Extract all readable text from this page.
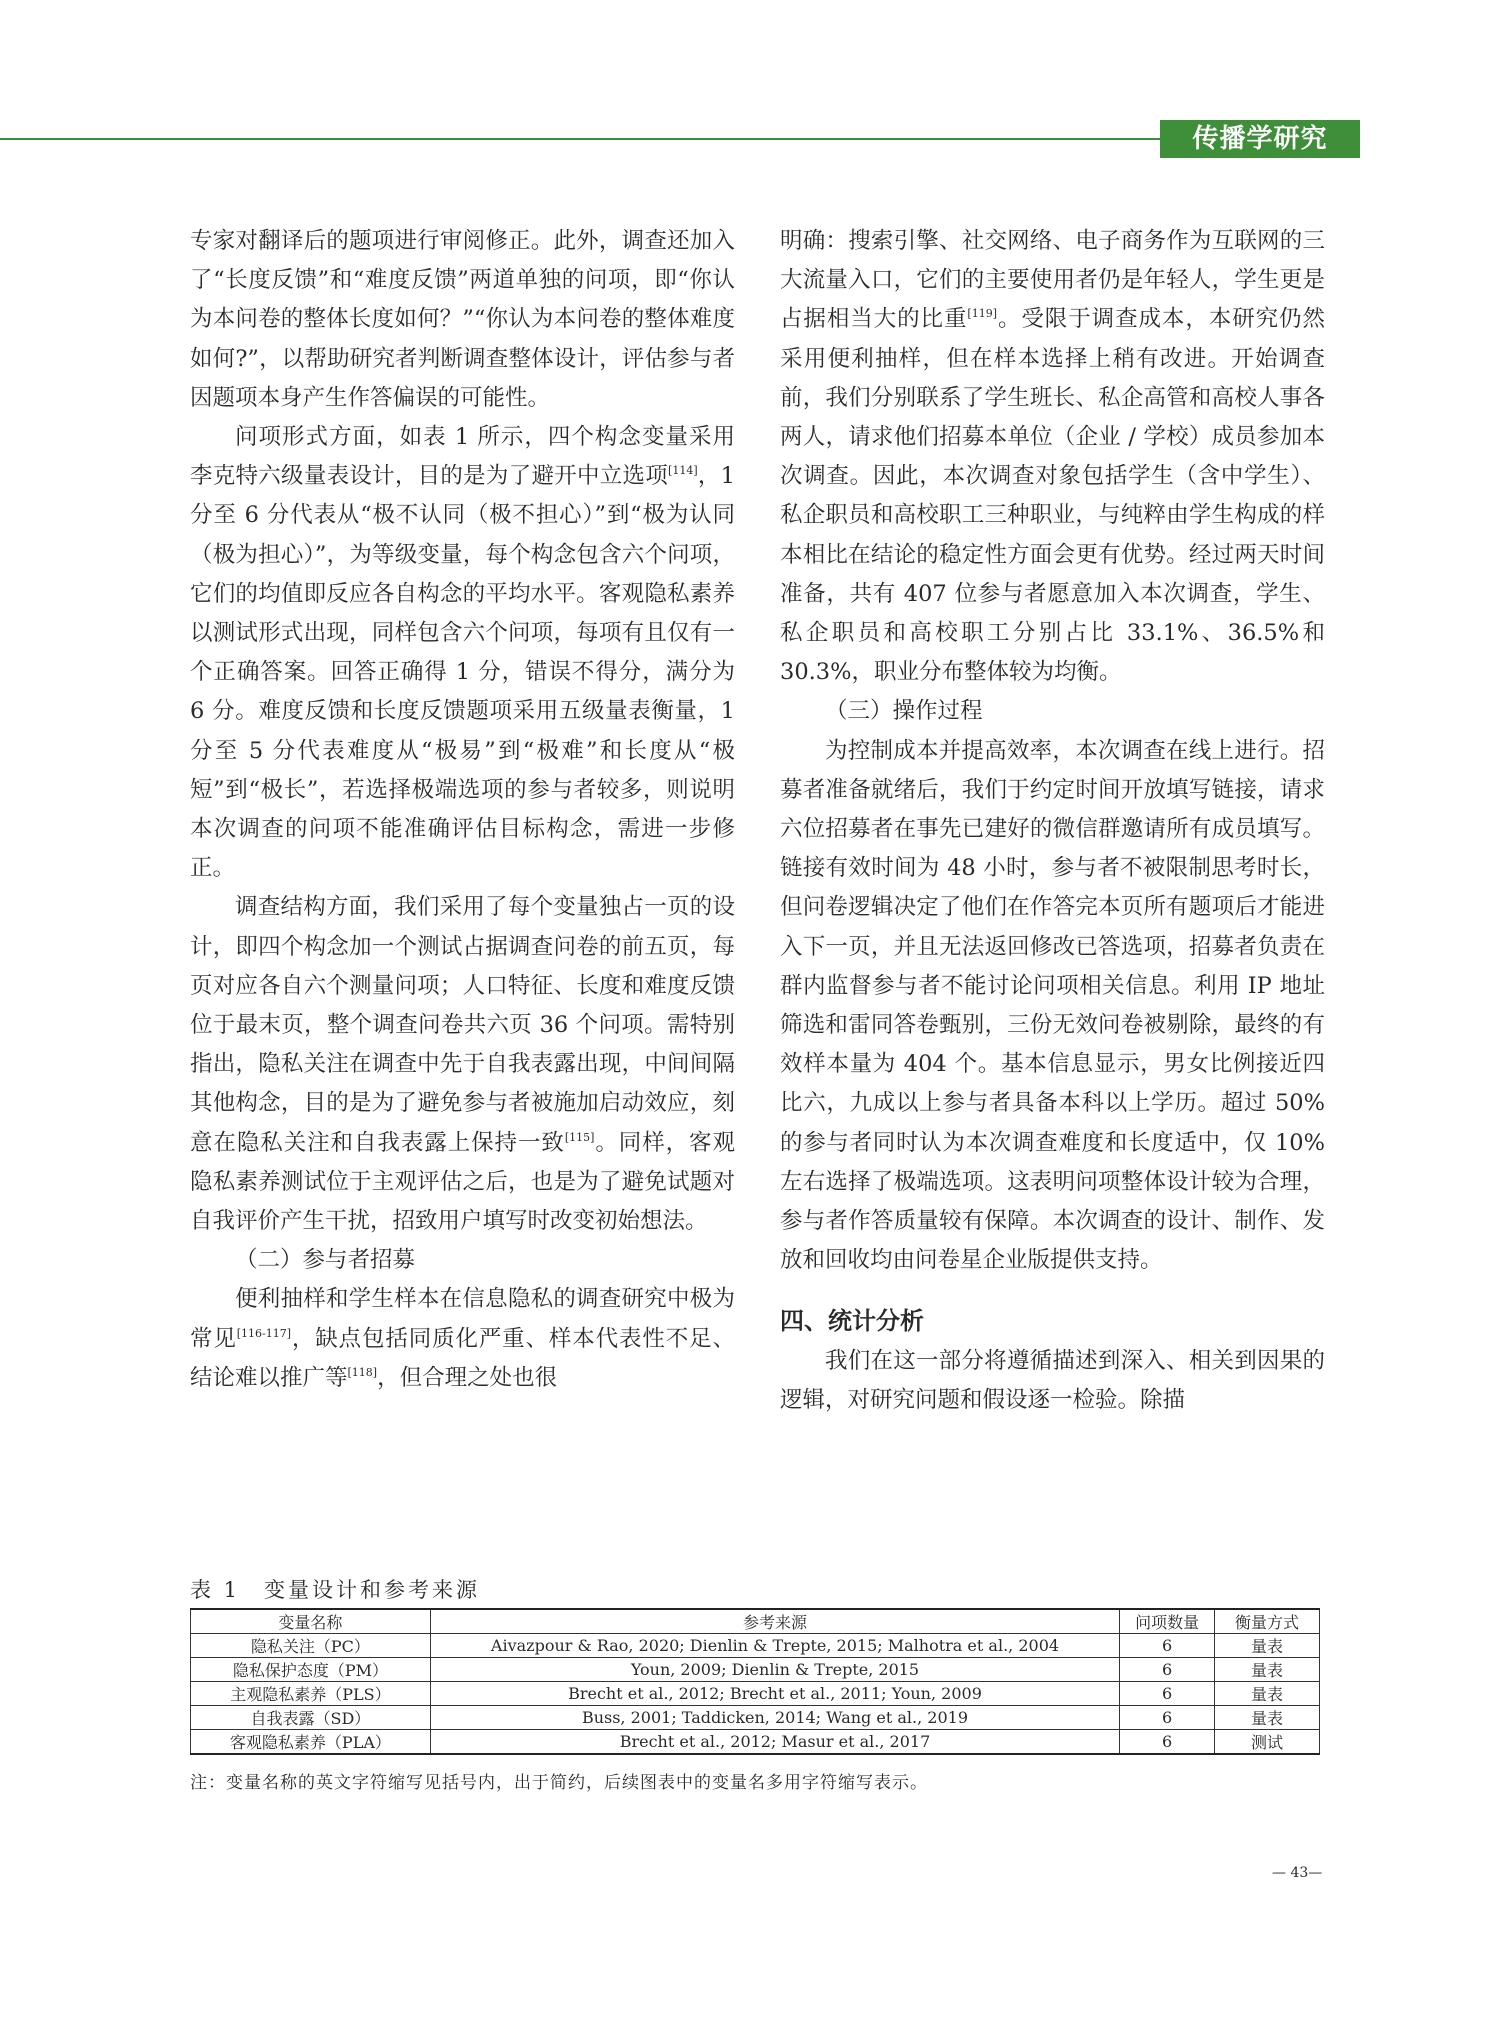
传播学研究

专家对翻译后的题项进行审阅修正。此外，调查还加入了“长度反馈”和“难度反馈”两道单独的问项，即“你认为本问卷的整体长度如何？”“你认为本问卷的整体难度如何?”，以帮助研究者判断调查整体设计，评估参与者因题项本身产生作答偏误的可能性。

问项形式方面，如表 1 所示，四个构念变量采用李克特六级量表设计，目的是为了避开中立选项[114]，1 分至 6 分代表从“极不认同（极不担心）”到“极为认同（极为担心）”，为等级变量，每个构念包含六个问项，它们的均值即反应各自构念的平均水平。客观隐私素养以测试形式出现，同样包含六个问项，每项有且仅有一个正确答案。回答正确得 1 分，错误不得分，满分为 6 分。难度反馈和长度反馈题项采用五级量表衡量，1 分至 5 分代表难度从“极易”到“极难”和长度从“极短”到“极长”，若选择极端选项的参与者较多，则说明本次调查的问项不能准确评估目标构念，需进一步修正。

调查结构方面，我们采用了每个变量独占一页的设计，即四个构念加一个测试占据调查问卷的前五页，每页对应各自六个测量问项；人口特征、长度和难度反馈位于最末页，整个调查问卷共六页 36 个问项。需特别指出，隐私关注在调查中先于自我表露出现，中间间隔其他构念，目的是为了避免参与者被施加启动效应，刻意在隐私关注和自我表露上保持一致[115]。同样，客观隐私素养测试位于主观评估之后，也是为了避免试题对自我评价产生干扰，招致用户填写时改变初始想法。

（二）参与者招募

便利抽样和学生样本在信息隐私的调查研究中极为常见[116-117]，缺点包括同质化严重、样本代表性不足、结论难以推广等[118]，但合理之处也很

明确：搜索引擎、社交网络、电子商务作为互联网的三大流量入口，它们的主要使用者仍是年轻人，学生更是占据相当大的比重[119]。受限于调查成本，本研究仍然采用便利抽样，但在样本选择上稍有改进。开始调查前，我们分别联系了学生班长、私企高管和高校人事各两人，请求他们招募本单位（企业 / 学校）成员参加本次调查。因此，本次调查对象包括学生（含中学生）、私企职员和高校职工三种职业，与纯粹由学生构成的样本相比在结论的稳定性方面会更有优势。经过两天时间准备，共有 407 位参与者愿意加入本次调查，学生、私企职员和高校职工分别占比 33.1%、36.5%和 30.3%，职业分布整体较为均衡。

（三）操作过程

为控制成本并提高效率，本次调查在线上进行。招募者准备就绪后，我们于约定时间开放填写链接，请求六位招募者在事先已建好的微信群邀请所有成员填写。链接有效时间为 48 小时，参与者不被限制思考时长，但问卷逻辑决定了他们在作答完本页所有题项后才能进入下一页，并且无法返回修改已答选项，招募者负责在群内监督参与者不能讨论问项相关信息。利用 IP 地址筛选和雷同答卷甄别，三份无效问卷被剔除，最终的有效样本量为 404 个。基本信息显示，男女比例接近四比六，九成以上参与者具备本科以上学历。超过 50%的参与者同时认为本次调查难度和长度适中，仅 10%左右选择了极端选项。这表明问项整体设计较为合理，参与者作答质量较有保障。本次调查的设计、制作、发放和回收均由问卷星企业版提供支持。

四、统计分析

我们在这一部分将遵循描述到深入、相关到因果的逻辑，对研究问题和假设逐一检验。除描

表 1　变量设计和参考来源
变量名称	参考来源	问项数量	衡量方式
隐私关注（PC）	Aivazpour & Rao, 2020; Dienlin & Trepte, 2015; Malhotra et al., 2004	6	量表
隐私保护态度（PM）	Youn, 2009; Dienlin & Trepte, 2015	6	量表
主观隐私素养（PLS）	Brecht et al., 2012; Brecht et al., 2011; Youn, 2009	6	量表
自我表露（SD）	Buss, 2001; Taddicken, 2014; Wang et al., 2019	6	量表
客观隐私素养（PLA）	Brecht et al., 2012; Masur et al., 2017	6	测试
注：变量名称的英文字符缩写见括号内，出于简约，后续图表中的变量名多用字符缩写表示。
— 43—
